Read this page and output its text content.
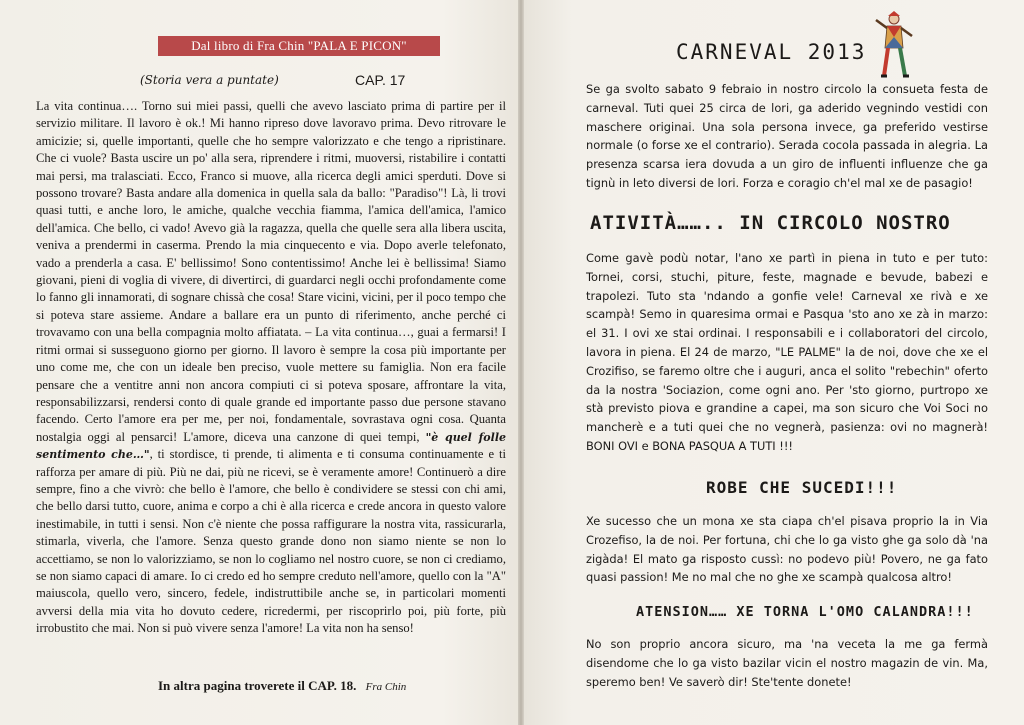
Dal libro di Fra Chin "PALA E PICON"
(Storia vera a puntate)	CAP. 17
La vita continua…. Torno sui miei passi, quelli che avevo lasciato prima di partire per il servizio militare. Il lavoro è ok.! Mi hanno ripreso dove lavoravo prima. Devo ritrovare le amicizie; si, quelle importanti, quelle che ho sempre valorizzato e che tengo a ripristinare. Che ci vuole? Basta uscire un po' alla sera, riprendere i ritmi, muoversi, ristabilire i contatti mai persi, ma tralasciati. Ecco, Franco si muove, alla ricerca degli amici sperduti. Dove si possono trovare? Basta andare alla domenica in quella sala da ballo: "Paradiso"! Là, li trovi quasi tutti, e anche loro, le amiche, qualche vecchia fiamma, l'amica dell'amica, l'amico dell'amica. Che bello, ci vado! Avevo già la ragazza, quella che quelle sera alla libera uscita, veniva a prendermi in caserma. Prendo la mia cinquecento e via. Dopo averle telefonato, vado a prenderla a casa. E' bellissimo! Sono contentissimo! Anche lei è bellissima! Siamo giovani, pieni di voglia di vivere, di divertirci, di guardarci negli occhi profondamente come lo fanno gli innamorati, di sognare chissà che cosa! Stare vicini, vicini, per il poco tempo che si poteva stare assieme. Andare a ballare era un punto di riferimento, anche perché ci trovavamo con una bella compagnia molto affiatata. – La vita continua…, guai a fermarsi! I ritmi ormai si susseguono giorno per giorno. Il lavoro è sempre la cosa più importante per uno come me, che con un ideale ben preciso, vuole mettere su famiglia. Non era facile pensare che a ventitre anni non ancora compiuti ci si poteva sposare, affrontare la vita, responsabilizzarsi, rendersi conto di quale grande ed importante passo due persone stavano facendo. Certo l'amore era per me, per noi, fondamentale, sovrastava ogni cosa. Quanta nostalgia oggi al pensarci! L'amore, diceva una canzone di quei tempi, "è quel folle sentimento che…", ti stordisce, ti prende, ti alimenta e ti consuma continuamente e ti rafforza per amare di più. Più ne dai, più ne ricevi, se è veramente amore! Continuerò a dire sempre, fino a che vivrò: che bello è l'amore, che bello è condividere se stessi con chi ami, che bello darsi tutto, cuore, anima e corpo a chi è alla ricerca e crede ancora in questo valore inestimabile, in tutti i sensi. Non c'è niente che possa raffigurare la nostra vita, rassicurarla, stimarla, viverla, che l'amore. Senza questo grande dono non siamo niente se non lo accettiamo, se non lo valorizziamo, se non lo cogliamo nel nostro cuore, se non ci crediamo, se non siamo capaci di amare. Io ci credo ed ho sempre creduto nell'amore, quello con la "A" maiuscola, quello vero, sincero, fedele, indistruttibile anche se, in particolari momenti avversi della mia vita ho dovuto cedere, ricredermi, per riscoprirlo poi, più forte, più irrobustito che mai. Non si può vivere senza l'amore! La vita non ha senso!
In altra pagina troverete il CAP. 18. Fra Chin
CARNEVAL 2013
Se ga svolto sabato 9 febraio in nostro circolo la consueta festa de carneval. Tuti quei 25 circa de lori, ga aderido vegnindo vestidi con maschere originai. Una sola persona invece, ga preferido vestirse normale (o forse xe el contrario). Serada cocola passada in alegria. La presenza scarsa iera dovuda a un giro de influenti influenze che ga tignù in leto diversi de lori. Forza e coragio ch'el mal xe de pasagio!
ATIVITÀ…….. IN CIRCOLO NOSTRO
Come gavè podù notar, l'ano xe partì in piena in tuto e per tuto: Tornei, corsi, stuchi, piture, feste, magnade e bevude, babezi e trapolezi. Tuto sta 'ndando a gonfie vele! Carneval xe rivà e xe scampà! Semo in quaresima ormai e Pasqua 'sto ano xe zà in marzo: el 31. I ovi xe stai ordinai. I responsabili e i collaboratori del circolo, lavora in piena. El 24 de marzo, "LE PALME" la de noi, dove che xe el Crozifiso, se faremo oltre che i auguri, anca el solito "rebechin" oferto da la nostra 'Sociazion, come ogni ano. Per 'sto giorno, purtropo xe stà previsto piova e grandine a capei, ma son sicuro che Voi Soci no mancherè e a tuti quei che no vegnerà, pasienza: ovi no magnerà! BONI OVI e BONA PASQUA A TUTI !!!
ROBE CHE SUCEDI!!!
Xe sucesso che un mona xe sta ciapa ch'el pisava proprio la in Via Crozefiso, la de noi. Per fortuna, chi che lo ga visto ghe ga solo dà 'na zigàda! El mato ga risposto cussì: no podevo più! Povero, ne ga fato quasi passion! Me no mal che no ghe xe scampà qualcosa altro!
ATENSION…… XE TORNA L'OMO CALANDRA!!!
No son proprio ancora sicuro, ma 'na veceta la me ga fermà disendome che lo ga visto bazilar vicin el nostro magazin de vin. Ma, speremo ben! Ve saverò dir! Ste'tente donete!
